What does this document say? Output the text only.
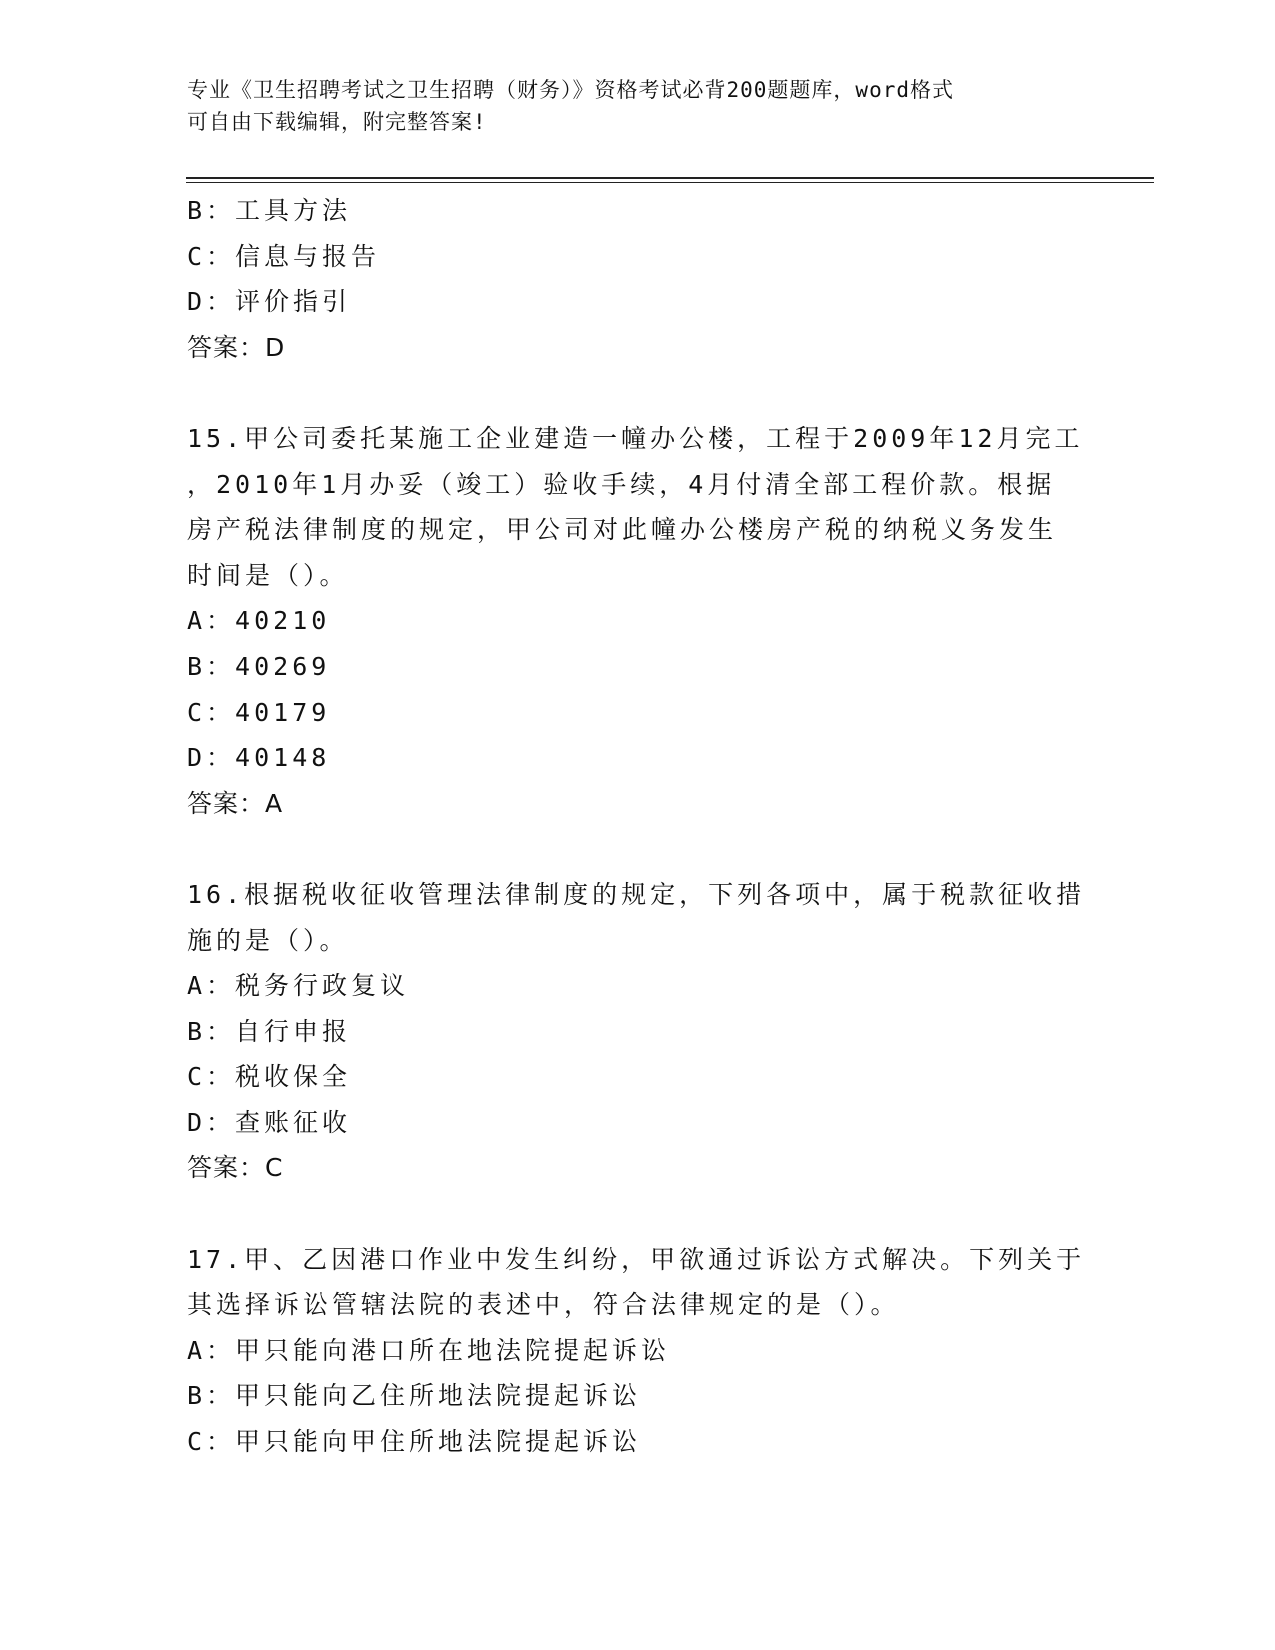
专业《卫生招聘考试之卫生招聘（财务）》资格考试必背200题题库，word格式
可自由下载编辑，附完整答案!
B：工具方法
C：信息与报告
D：评价指引
答案：D
15.甲公司委托某施工企业建造一幢办公楼，工程于2009年12月完工
，2010年1月办妥（竣工）验收手续，4月付清全部工程价款。根据
房产税法律制度的规定，甲公司对此幢办公楼房产税的纳税义务发生
时间是（）。
A：40210
B：40269
C：40179
D：40148
答案：A
16.根据税收征收管理法律制度的规定，下列各项中，属于税款征收措
施的是（）。
A：税务行政复议
B：自行申报
C：税收保全
D：查账征收
答案：C
17.甲、乙因港口作业中发生纠纷，甲欲通过诉讼方式解决。下列关于
其选择诉讼管辖法院的表述中，符合法律规定的是（）。
A：甲只能向港口所在地法院提起诉讼
B：甲只能向乙住所地法院提起诉讼
C：甲只能向甲住所地法院提起诉讼
